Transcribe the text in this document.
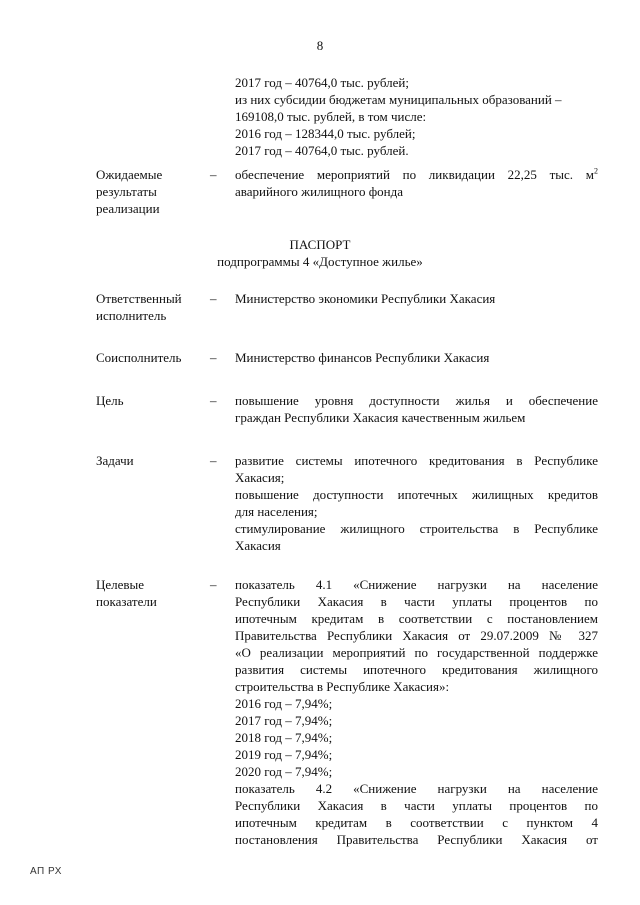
8
2017 год – 40764,0 тыс. рублей;
из них субсидии бюджетам муниципальных образований –
169108,0 тыс. рублей, в том числе:
2016 год – 128344,0 тыс. рублей;
2017 год – 40764,0 тыс. рублей.
Ожидаемые
результаты
реализации
– обеспечение мероприятий по ликвидации 22,25 тыс. $м^2$
аварийного жилищного фонда
ПАСПОРТ
подпрограммы 4 «Доступное жилье»
Ответственный
исполнитель
– Министерство экономики Республики Хакасия
Соисполнитель – Министерство финансов Республики Хакасия
Цель	– повышение уровня доступности жилья и обеспечение
граждан Республики Хакасия качественным жильем
Задачи	– развитие системы ипотечного кредитования в Республике
Хакасия;
повышение доступности ипотечных жилищных кредитов
для населения;
стимулирование жилищного строительства в Республике
Хакасия
Целевые
показатели
– показатель 4.1 «Снижение нагрузки на население
Республики Хакасия в части уплаты процентов по
ипотечным кредитам в соответствии с постановлением
Правительства Республики Хакасия от 29.07.2009 № 327
«О реализации мероприятий по государственной поддержке
развития системы ипотечного кредитования жилищного
строительства в Республике Хакасия»:
2016 год – 7,94%;
2017 год – 7,94%;
2018 год – 7,94%;
2019 год – 7,94%;
2020 год – 7,94%;
показатель 4.2 «Снижение нагрузки на население
Республики Хакасия в части уплаты процентов по
ипотечным кредитам в соответствии с пунктом 4
постановления Правительства Республики Хакасия от
АП РХ
